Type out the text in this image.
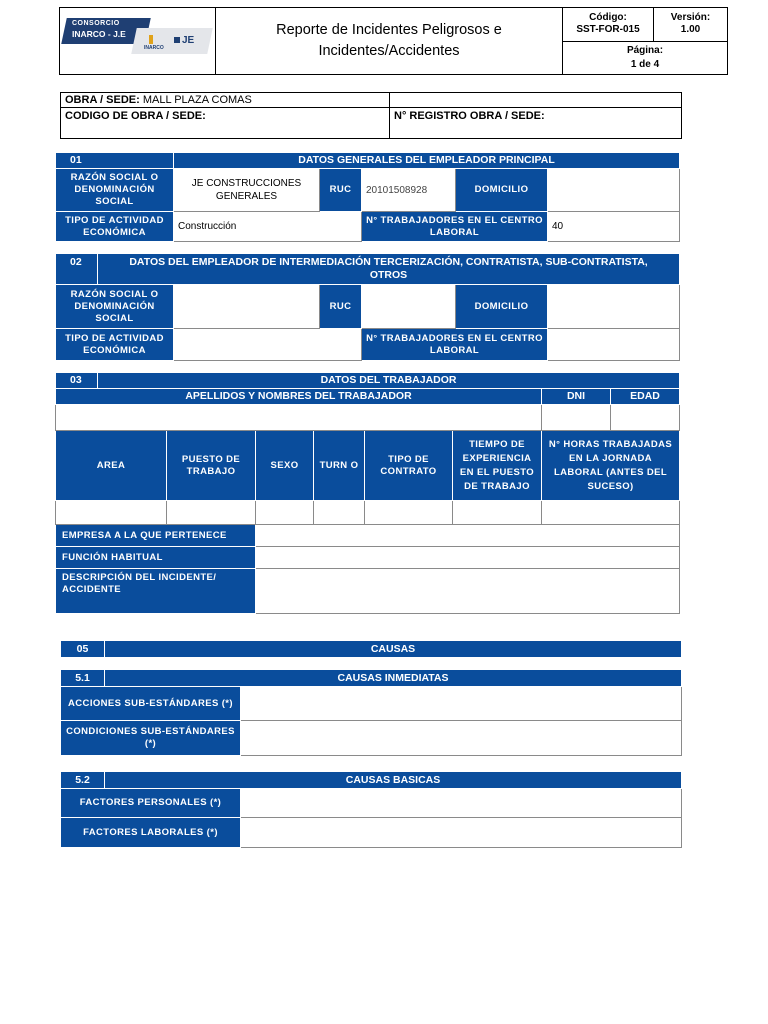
CONSORCIO
INARCO - J.E
INARCO
JE

Reporte de Incidentes Peligrosos e
Incidentes/Accidentes

Código:
SST-FOR-015

Versión:
1.00

Página:
1 de 4
OBRA / SEDE: MALL PLAZA COMAS	
CODIGO DE OBRA / SEDE:	N° REGISTRO OBRA / SEDE:
01	DATOS GENERALES DEL EMPLEADOR PRINCIPAL				
RAZÓN SOCIAL O DENOMINACIÓN SOCIAL	JE CONSTRUCCIONES GENERALES	RUC	20101508928	DOMICILIO	
TIPO DE ACTIVIDAD ECONÓMICA	Construcción		N° TRABAJADORES EN EL CENTRO LABORAL		40
02	DATOS DEL EMPLEADOR DE INTERMEDIACIÓN TERCERIZACIÓN, CONTRATISTA, SUB-CONTRATISTA, OTROS					
RAZÓN SOCIAL O DENOMINACIÓN SOCIAL			RUC		DOMICILIO	
TIPO DE ACTIVIDAD ECONÓMICA				N° TRABAJADORES EN EL CENTRO LABORAL		
03	DATOS DEL TRABAJADOR							
APELLIDOS Y NOMBRES DEL TRABAJADOR							DNI	EDAD

AREA		PUESTO DE TRABAJO	SEXO	TURN O	TIPO DE CONTRATO	TIEMPO DE EXPERIENCIA EN EL PUESTO DE TRABAJO	N° HORAS TRABAJADAS EN LA JORNADA LABORAL (ANTES DEL SUCESO)	

EMPRESA A LA QUE PERTENECE								
FUNCIÓN HABITUAL								
DESCRIPCIÓN DEL INCIDENTE/ ACCIDENTE								
05	CAUSAS
5.1	CAUSAS INMEDIATAS	
ACCIONES SUB-ESTÁNDARES (*)		
CONDICIONES SUB-ESTÁNDARES (*)		
5.2	CAUSAS BASICAS	
FACTORES PERSONALES (*)		
FACTORES LABORALES (*)		
